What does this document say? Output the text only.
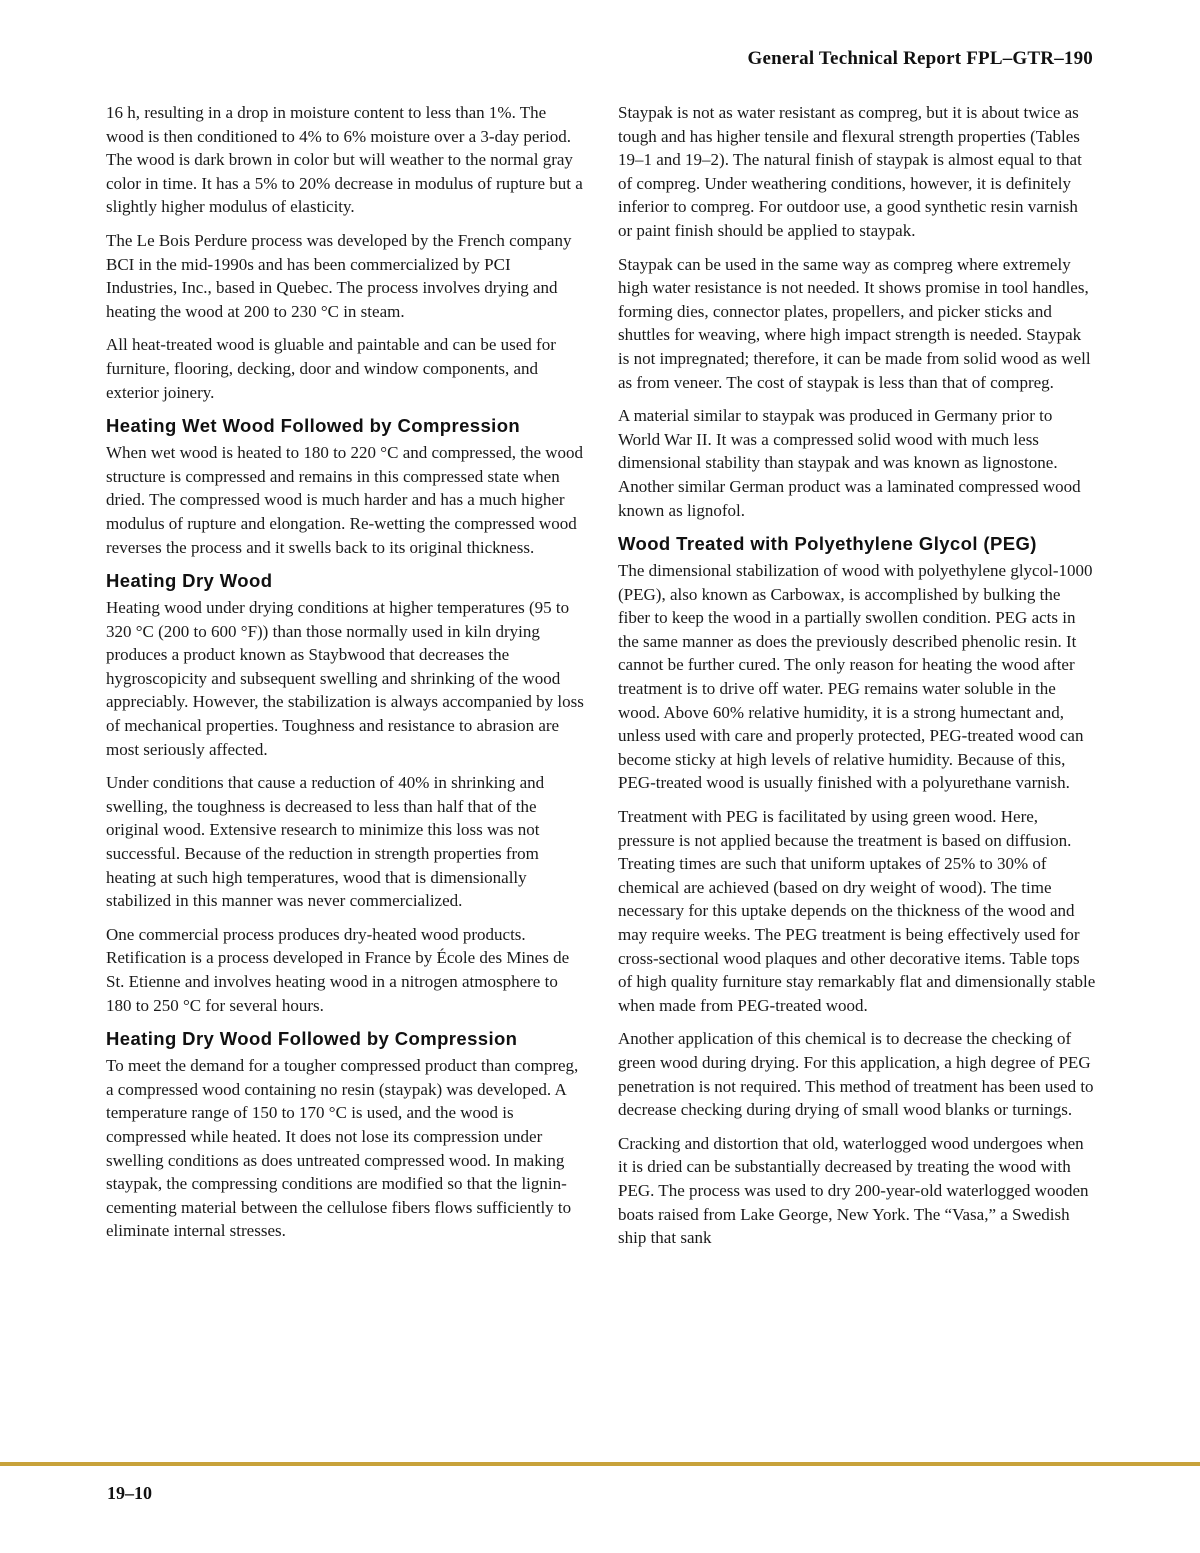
General Technical Report FPL–GTR–190

16 h, resulting in a drop in moisture content to less than 1%. The wood is then conditioned to 4% to 6% moisture over a 3-day period. The wood is dark brown in color but will weather to the normal gray color in time. It has a 5% to 20% decrease in modulus of rupture but a slightly higher modulus of elasticity.

The Le Bois Perdure process was developed by the French company BCI in the mid-1990s and has been commercialized by PCI Industries, Inc., based in Quebec. The process involves drying and heating the wood at 200 to 230 °C in steam.

All heat-treated wood is gluable and paintable and can be used for furniture, flooring, decking, door and window components, and exterior joinery.

Heating Wet Wood Followed by Compression

When wet wood is heated to 180 to 220 °C and compressed, the wood structure is compressed and remains in this compressed state when dried. The compressed wood is much harder and has a much higher modulus of rupture and elongation. Re-wetting the compressed wood reverses the process and it swells back to its original thickness.

Heating Dry Wood

Heating wood under drying conditions at higher temperatures (95 to 320 °C (200 to 600 °F)) than those normally used in kiln drying produces a product known as Staybwood that decreases the hygroscopicity and subsequent swelling and shrinking of the wood appreciably. However, the stabilization is always accompanied by loss of mechanical properties. Toughness and resistance to abrasion are most seriously affected.

Under conditions that cause a reduction of 40% in shrinking and swelling, the toughness is decreased to less than half that of the original wood. Extensive research to minimize this loss was not successful. Because of the reduction in strength properties from heating at such high temperatures, wood that is dimensionally stabilized in this manner was never commercialized.

One commercial process produces dry-heated wood products. Retification is a process developed in France by École des Mines de St. Etienne and involves heating wood in a nitrogen atmosphere to 180 to 250 °C for several hours.

Heating Dry Wood Followed by Compression

To meet the demand for a tougher compressed product than compreg, a compressed wood containing no resin (staypak) was developed. A temperature range of 150 to 170 °C is used, and the wood is compressed while heated. It does not lose its compression under swelling conditions as does untreated compressed wood. In making staypak, the compressing conditions are modified so that the lignin-cementing material between the cellulose fibers flows sufficiently to eliminate internal stresses.

Staypak is not as water resistant as compreg, but it is about twice as tough and has higher tensile and flexural strength properties (Tables 19–1 and 19–2). The natural finish of staypak is almost equal to that of compreg. Under weathering conditions, however, it is definitely inferior to compreg. For outdoor use, a good synthetic resin varnish or paint finish should be applied to staypak.

Staypak can be used in the same way as compreg where extremely high water resistance is not needed. It shows promise in tool handles, forming dies, connector plates, propellers, and picker sticks and shuttles for weaving, where high impact strength is needed. Staypak is not impregnated; therefore, it can be made from solid wood as well as from veneer. The cost of staypak is less than that of compreg.

A material similar to staypak was produced in Germany prior to World War II. It was a compressed solid wood with much less dimensional stability than staypak and was known as lignostone. Another similar German product was a laminated compressed wood known as lignofol.

Wood Treated with Polyethylene Glycol (PEG)

The dimensional stabilization of wood with polyethylene glycol-1000 (PEG), also known as Carbowax, is accomplished by bulking the fiber to keep the wood in a partially swollen condition. PEG acts in the same manner as does the previously described phenolic resin. It cannot be further cured. The only reason for heating the wood after treatment is to drive off water. PEG remains water soluble in the wood. Above 60% relative humidity, it is a strong humectant and, unless used with care and properly protected, PEG-treated wood can become sticky at high levels of relative humidity. Because of this, PEG-treated wood is usually finished with a polyurethane varnish.

Treatment with PEG is facilitated by using green wood. Here, pressure is not applied because the treatment is based on diffusion. Treating times are such that uniform uptakes of 25% to 30% of chemical are achieved (based on dry weight of wood). The time necessary for this uptake depends on the thickness of the wood and may require weeks. The PEG treatment is being effectively used for cross-sectional wood plaques and other decorative items. Table tops of high quality furniture stay remarkably flat and dimensionally stable when made from PEG-treated wood.

Another application of this chemical is to decrease the checking of green wood during drying. For this application, a high degree of PEG penetration is not required. This method of treatment has been used to decrease checking during drying of small wood blanks or turnings.

Cracking and distortion that old, waterlogged wood undergoes when it is dried can be substantially decreased by treating the wood with PEG. The process was used to dry 200-year-old waterlogged wooden boats raised from Lake George, New York. The “Vasa,” a Swedish ship that sank

19–10
